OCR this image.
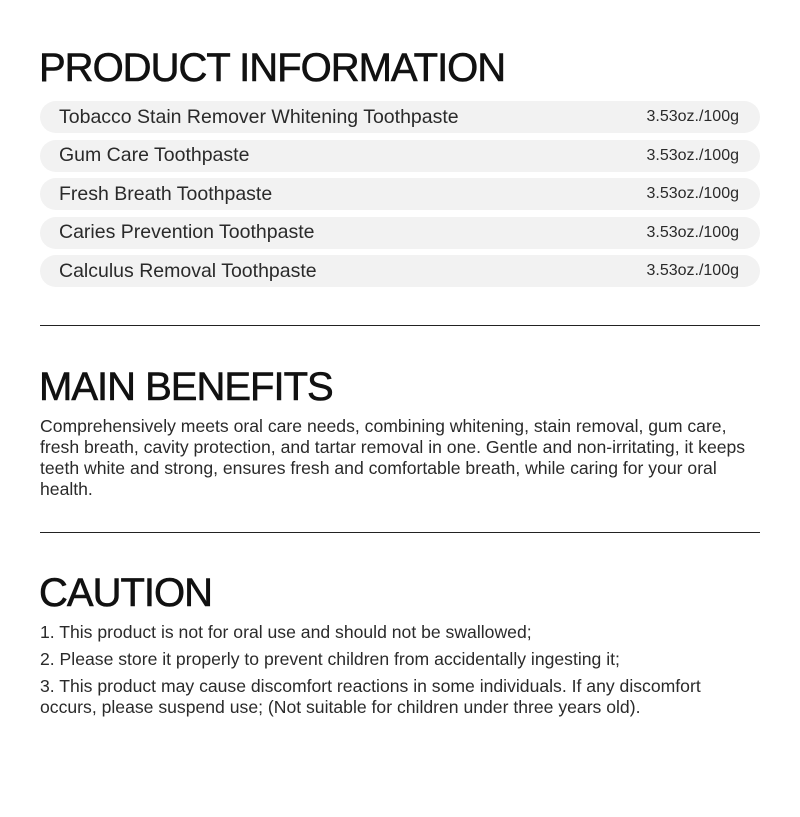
PRODUCT INFORMATION
Tobacco Stain Remover Whitening Toothpaste	3.53oz./100g
Gum Care Toothpaste	3.53oz./100g
Fresh Breath Toothpaste	3.53oz./100g
Caries Prevention Toothpaste	3.53oz./100g
Calculus Removal Toothpaste	3.53oz./100g
MAIN BENEFITS

Comprehensively meets oral care needs, combining whitening, stain removal, gum care, fresh breath, cavity protection, and tartar removal in one. Gentle and non-irritating, it keeps teeth white and strong, ensures fresh and comfortable breath, while caring for your oral health.

CAUTION
1. This product is not for oral use and should not be swallowed;
2. Please store it properly to prevent children from accidentally ingesting it;
3. This product may cause discomfort reactions in some individuals. If any discomfort occurs, please suspend use; (Not suitable for children under three years old).
